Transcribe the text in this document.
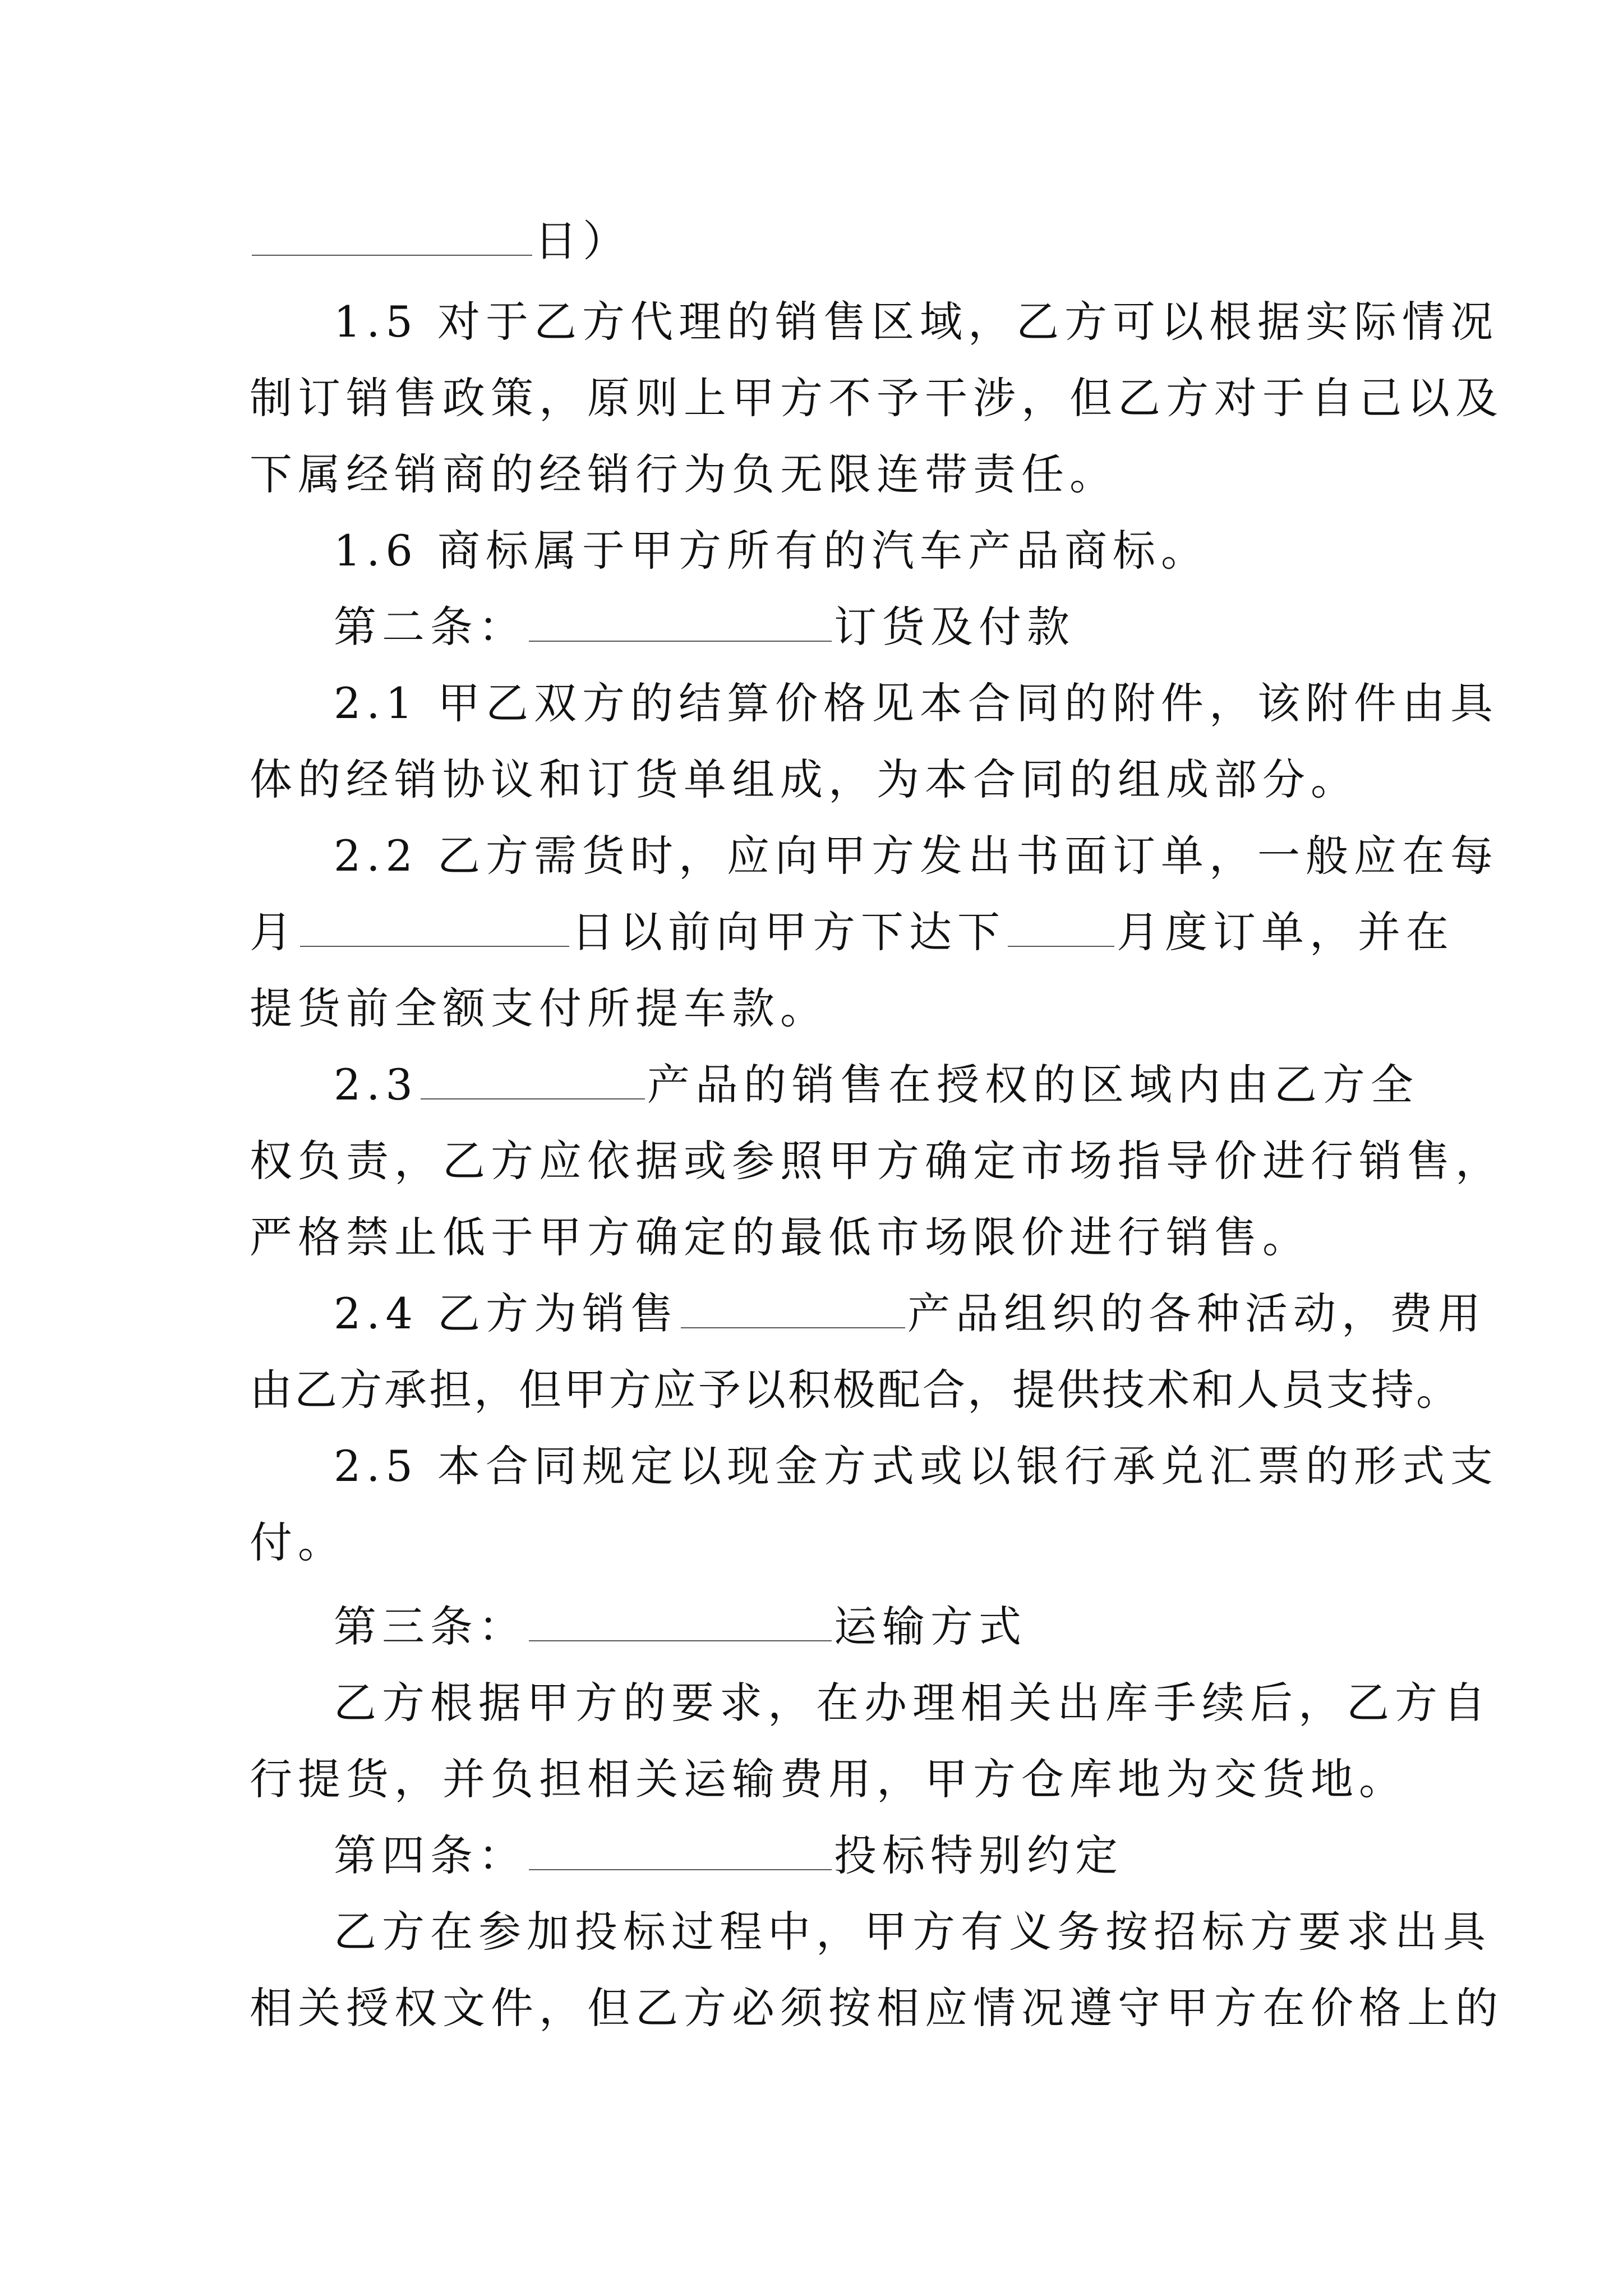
日）
1.5 对于乙方代理的销售区域，乙方可以根据实际情况
制订销售政策，原则上甲方不予干涉，但乙方对于自己以及
下属经销商的经销行为负无限连带责任。
1.6 商标属于甲方所有的汽车产品商标。
第二条：	订货及付款
2.1 甲乙双方的结算价格见本合同的附件，该附件由具
体的经销协议和订货单组成，为本合同的组成部分。
2.2 乙方需货时，应向甲方发出书面订单，一般应在每
月	日以前向甲方下达下	月度订单，并在
提货前全额支付所提车款。
2.3	产品的销售在授权的区域内由乙方全
权负责，乙方应依据或参照甲方确定市场指导价进行销售，
严格禁止低于甲方确定的最低市场限价进行销售。
2.4 乙方为销售	产品组织的各种活动，费用
由乙方承担，但甲方应予以积极配合，提供技术和人员支持。
2.5 本合同规定以现金方式或以银行承兑汇票的形式支
付。
第三条：	运输方式
乙方根据甲方的要求，在办理相关出库手续后，乙方自
行提货，并负担相关运输费用，甲方仓库地为交货地。
第四条：	投标特别约定
乙方在参加投标过程中，甲方有义务按招标方要求出具
相关授权文件，但乙方必须按相应情况遵守甲方在价格上的
